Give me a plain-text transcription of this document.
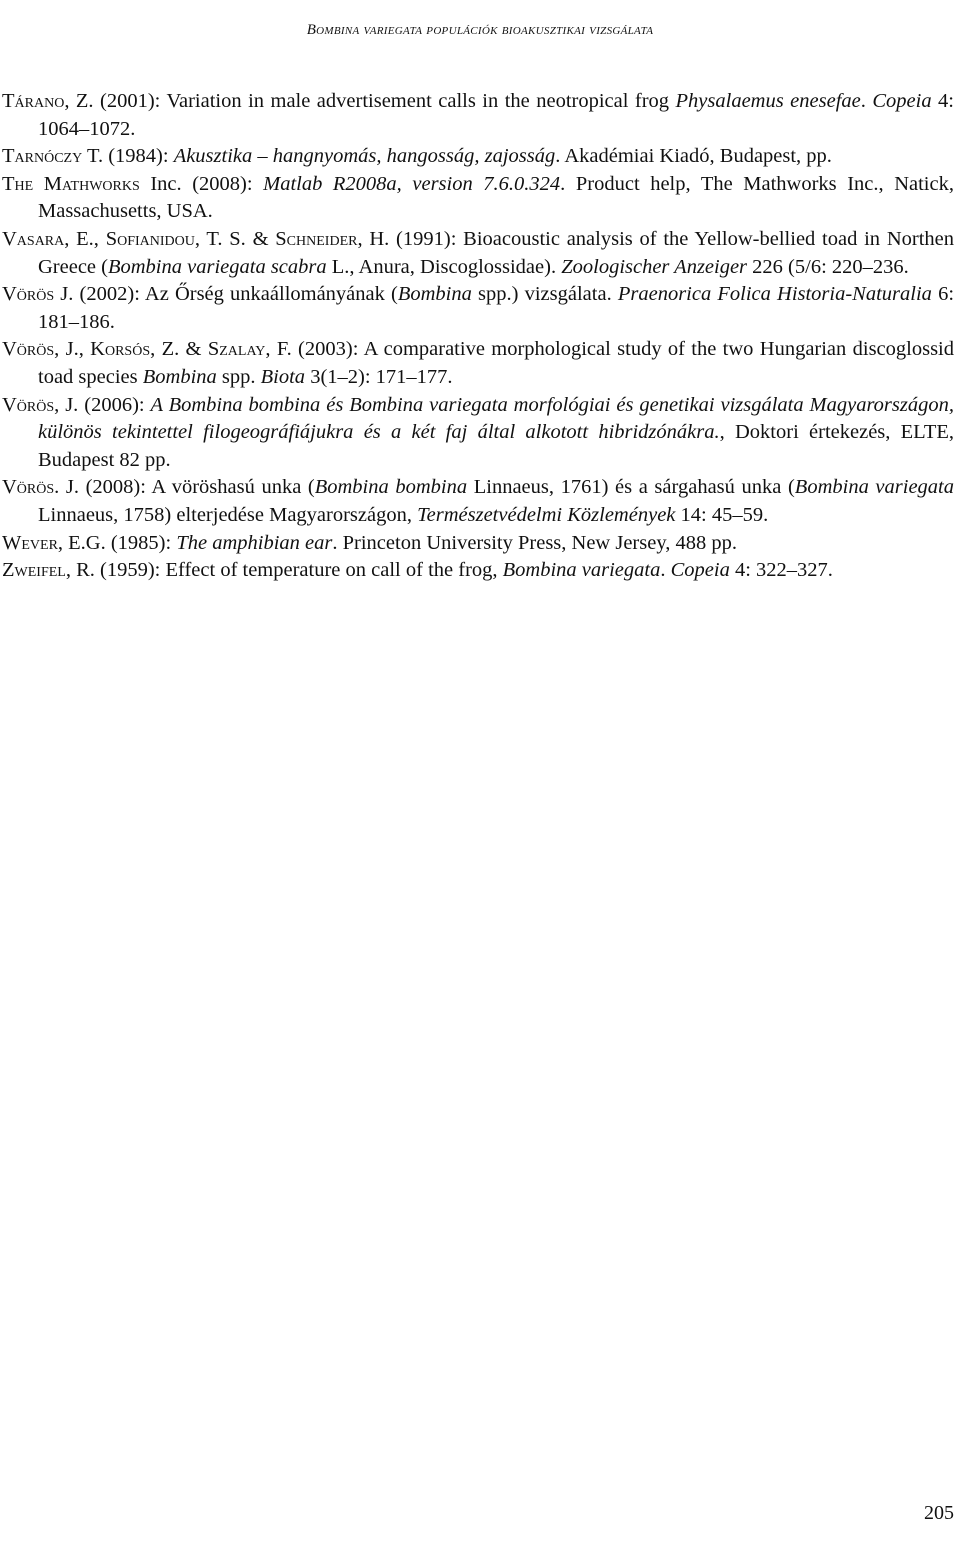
Bombina variegata populációk bioakusztikai vizsgálata
Tárano, Z. (2001): Variation in male advertisement calls in the neotropical frog Physalaemus enesefae. Copeia 4: 1064–1072.
Tarnóczy T. (1984): Akusztika – hangnyomás, hangosság, zajosság. Akadémiai Kiadó, Budapest, pp.
The Mathworks Inc. (2008): Matlab R2008a, version 7.6.0.324. Product help, The Mathworks Inc., Natick, Massachusetts, USA.
Vasara, E., Sofianidou, T. S. & Schneider, H. (1991): Bioacoustic analysis of the Yellow-bellied toad in Northen Greece (Bombina variegata scabra L., Anura, Discoglossidae). Zoologischer Anzeiger 226 (5/6: 220–236.
Vörös J. (2002): Az Őrség unkaállományának (Bombina spp.) vizsgálata. Praenorica Folica Historia-Naturalia 6: 181–186.
Vörös, J., Korsós, Z. & Szalay, F. (2003): A comparative morphological study of the two Hungarian discoglossid toad species Bombina spp. Biota 3(1–2): 171–177.
Vörös, J. (2006): A Bombina bombina és Bombina variegata morfológiai és genetikai vizsgálata Magyarországon, különös tekintettel filogeográfiájukra és a két faj által alkotott hibridzónákra., Doktori értekezés, ELTE, Budapest 82 pp.
Vörös. J. (2008): A vöröshasú unka (Bombina bombina Linnaeus, 1761) és a sárgahasú unka (Bombina variegata Linnaeus, 1758) elterjedése Magyarországon, Természetvédelmi Közlemények 14: 45–59.
Wever, E.G. (1985): The amphibian ear. Princeton University Press, New Jersey, 488 pp.
Zweifel, R. (1959): Effect of temperature on call of the frog, Bombina variegata. Copeia 4: 322–327.
205
